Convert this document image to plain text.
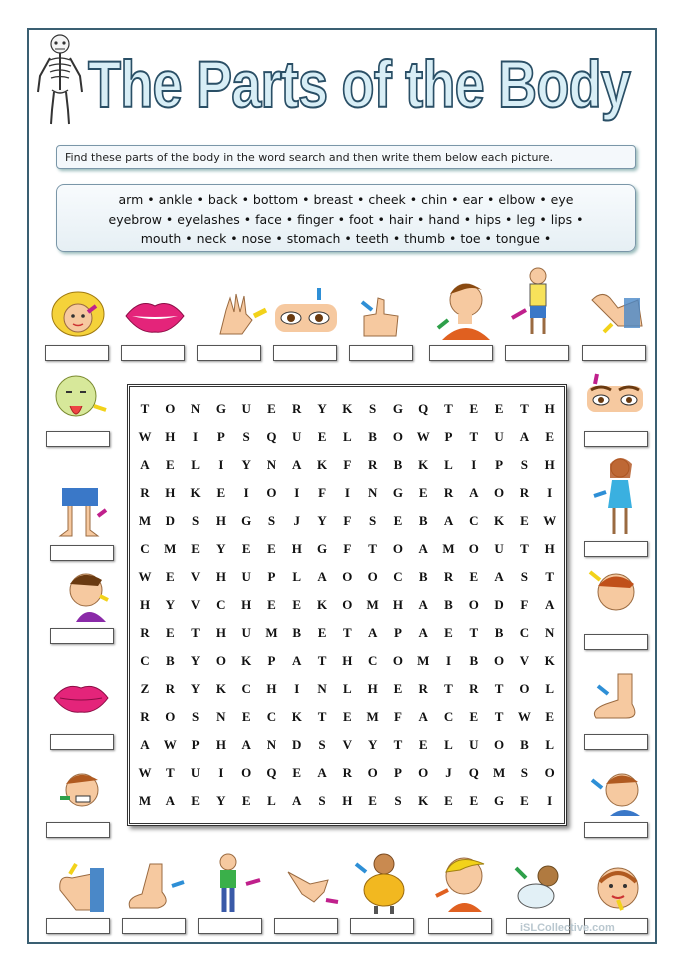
The Parts of the Body
Find these parts of the body in the word search and then write them below each picture.
arm • ankle • back • bottom • breast • cheek • chin • ear • elbow • eye
eyebrow • eyelashes • face • finger • foot • hair • hand • hips • leg • lips •
mouth • neck • nose • stomach • teeth • thumb • toe • tongue •
T	O	N	G	U	E	R	Y	K	S	G	Q	T	E	E	T	H
W	H	I	P	S	Q	U	E	L	B	O	W	P	T	U	A	E
A	E	L	I	Y	N	A	K	F	R	B	K	L	I	P	S	H
R	H	K	E	I	O	I	F	I	N	G	E	R	A	O	R	I
M	D	S	H	G	S	J	Y	F	S	E	B	A	C	K	E	W
C	M	E	Y	E	E	H	G	F	T	O	A	M	O	U	T	H
W	E	V	H	U	P	L	A	O	O	C	B	R	E	A	S	T
H	Y	V	C	H	E	E	K	O	M	H	A	B	O	D	F	A
R	E	T	H	U	M	B	E	T	A	P	A	E	T	B	C	N
C	B	Y	O	K	P	A	T	H	C	O	M	I	B	O	V	K
Z	R	Y	K	C	H	I	N	L	H	E	R	T	R	T	O	L
R	O	S	N	E	C	K	T	E	M	F	A	C	E	T	W	E
A	W	P	H	A	N	D	S	V	Y	T	E	L	U	O	B	L
W	T	U	I	O	Q	E	A	R	O	P	O	J	Q	M	S	O
M	A	E	Y	E	L	A	S	H	E	S	K	E	E	G	E	I
iSLCollective.com
